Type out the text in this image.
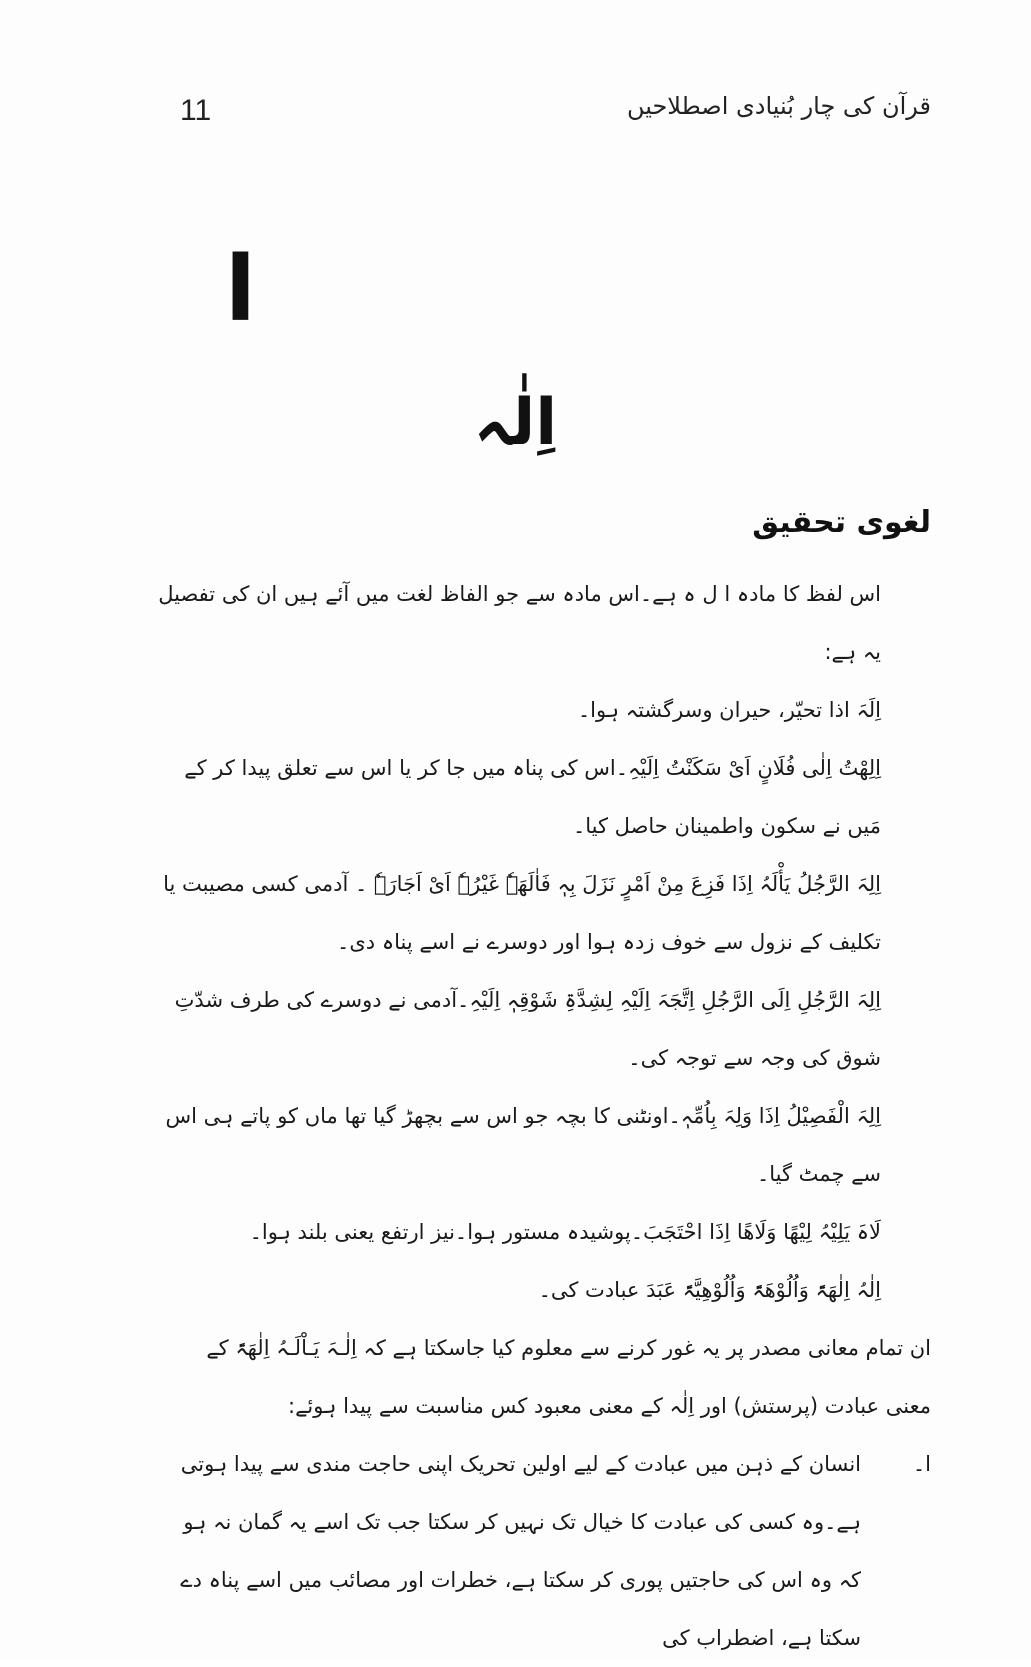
11	قرآن کی چار بُنیادی اصطلاحیں
ا
اِلٰہ
لغوی تحقیق

اس لفظ کا مادہ ا ل ہ ہے۔اس مادہ سے جو الفاظ لغت میں آئے ہیں ان کی تفصیل یہ ہے:

اِلَہَ اذا تحیّر، حیران وسرگشتہ ہوا۔

اِلِھْتُ اِلٰی فُلَانٍ اَیْ سَکَنْتُ اِلَیْہِ۔اس کی پناہ میں جا کر یا اس سے تعلق پیدا کر کے مَیں نے سکون واطمینان حاصل کیا۔

اِلِہَ الرَّجُلُ یَأْلَہُ اِذَا فَزِعَ مِنْ اَمْرٍ نَزَلَ بِہٖ فَاٰلَھَہٗ غَیْرُہٗ اَیْ اَجَارَہٗ ۔ آدمی کسی مصیبت یا تکلیف کے نزول سے خوف زدہ ہوا اور دوسرے نے اسے پناہ دی۔

اِلِہَ الرَّجُلِ اِلَی الرَّجُلِ اِتَّجَہَ اِلَیْہِ لِشِدَّۃِ شَوْقِہٖ اِلَیْہِ۔آدمی نے دوسرے کی طرف شدّتِ شوق کی وجہ سے توجہ کی۔

اِلِہَ الْفَصِیْلُ اِذَا وَلِہَ بِاُمِّہٖ۔اونٹنی کا بچہ جو اس سے بچھڑ گیا تھا ماں کو پاتے ہی اس سے چمٹ گیا۔

لَاہَ یَلِیْہُ لِیْھًا وَلَاھًا اِذَا احْتَجَبَ۔پوشیدہ مستور ہوا۔نیز ارتفع یعنی بلند ہوا۔

اِلٰہُ اِلٰھَۃً وَاُلُوْھَۃً وَاُلُوْھِیَّۃً عَبَدَ عبادت کی۔

ان تمام معانی مصدر پر یہ غور کرنے سے معلوم کیا جاسکتا ہے کہ اِلٰـہَ یَـاْلَـہُ اِلٰھَۃً کے معنی عبادت (پرستش) اور اِلٰہ کے معنی معبود کس مناسبت سے پیدا ہوئے:

ا۔
انسان کے ذہن میں عبادت کے لیے اولین تحریک اپنی حاجت مندی سے پیدا ہوتی ہے۔وہ کسی کی عبادت کا خیال تک نہیں کر سکتا جب تک اسے یہ گمان نہ ہو کہ وہ اس کی حاجتیں پوری کر سکتا ہے، خطرات اور مصائب میں اسے پناہ دے سکتا ہے، اضطراب کی
